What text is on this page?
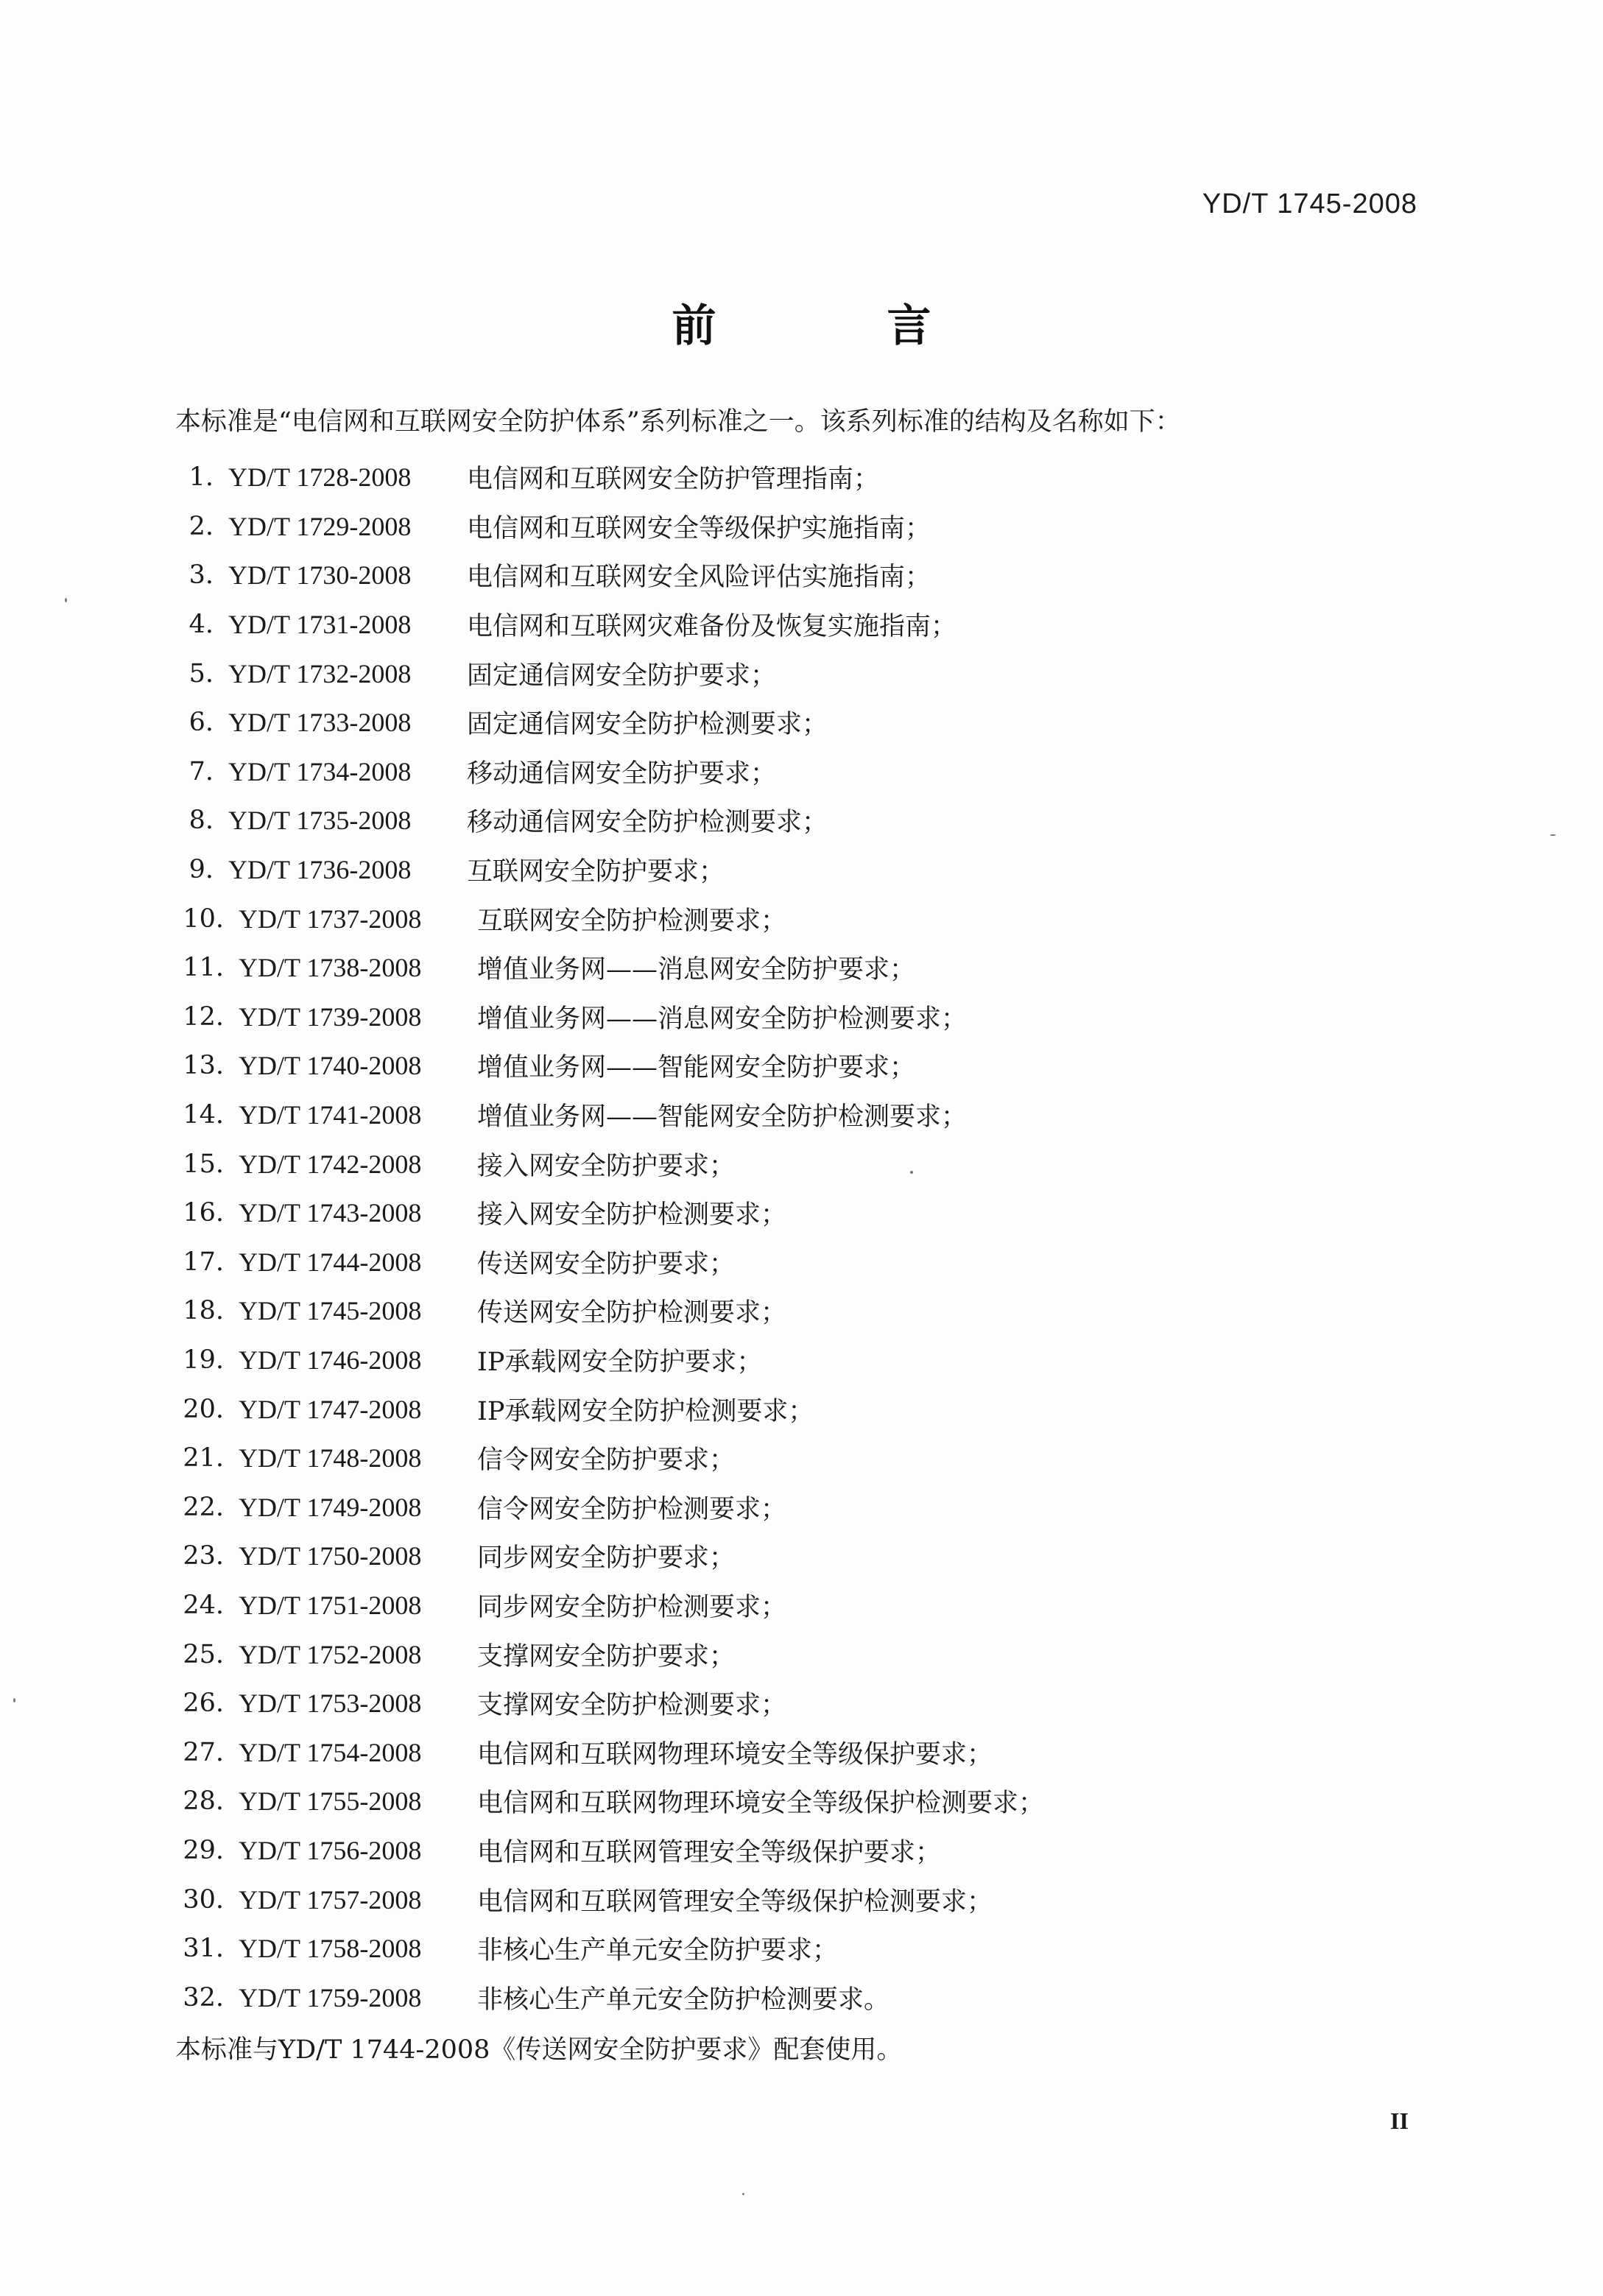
YD/T 1745-2008
前　言
本标准是“电信网和互联网安全防护体系”系列标准之一。该系列标准的结构及名称如下：
1. YD/T 1728-2008	电信网和互联网安全防护管理指南；
2. YD/T 1729-2008	电信网和互联网安全等级保护实施指南；
3. YD/T 1730-2008	电信网和互联网安全风险评估实施指南；
4. YD/T 1731-2008	电信网和互联网灾难备份及恢复实施指南；
5. YD/T 1732-2008	固定通信网安全防护要求；
6. YD/T 1733-2008	固定通信网安全防护检测要求；
7. YD/T 1734-2008	移动通信网安全防护要求；
8. YD/T 1735-2008	移动通信网安全防护检测要求；
9. YD/T 1736-2008	互联网安全防护要求；
10. YD/T 1737-2008	互联网安全防护检测要求；
11. YD/T 1738-2008	增值业务网——消息网安全防护要求；
12. YD/T 1739-2008	增值业务网——消息网安全防护检测要求；
13. YD/T 1740-2008	增值业务网——智能网安全防护要求；
14. YD/T 1741-2008	增值业务网——智能网安全防护检测要求；
15. YD/T 1742-2008	接入网安全防护要求；
16. YD/T 1743-2008	接入网安全防护检测要求；
17. YD/T 1744-2008	传送网安全防护要求；
18. YD/T 1745-2008	传送网安全防护检测要求；
19. YD/T 1746-2008	IP承载网安全防护要求；
20. YD/T 1747-2008	IP承载网安全防护检测要求；
21. YD/T 1748-2008	信令网安全防护要求；
22. YD/T 1749-2008	信令网安全防护检测要求；
23. YD/T 1750-2008	同步网安全防护要求；
24. YD/T 1751-2008	同步网安全防护检测要求；
25. YD/T 1752-2008	支撑网安全防护要求；
26. YD/T 1753-2008	支撑网安全防护检测要求；
27. YD/T 1754-2008	电信网和互联网物理环境安全等级保护要求；
28. YD/T 1755-2008	电信网和互联网物理环境安全等级保护检测要求；
29. YD/T 1756-2008	电信网和互联网管理安全等级保护要求；
30. YD/T 1757-2008	电信网和互联网管理安全等级保护检测要求；
31. YD/T 1758-2008	非核心生产单元安全防护要求；
32. YD/T 1759-2008	非核心生产单元安全防护检测要求。
本标准与YD/T 1744-2008《传送网安全防护要求》配套使用。
II
